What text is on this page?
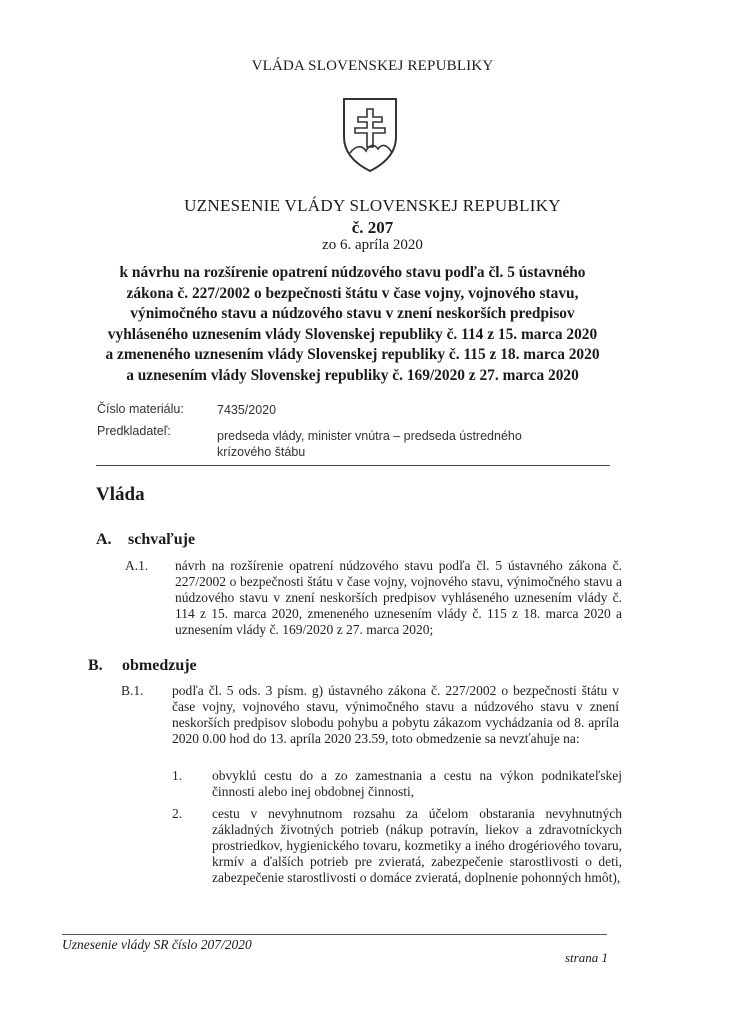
VLÁDA SLOVENSKEJ REPUBLIKY
UZNESENIE VLÁDY SLOVENSKEJ REPUBLIKY
č. 207
zo 6. apríla 2020
k návrhu na rozšírenie opatrení núdzového stavu podľa čl. 5 ústavného
zákona č. 227/2002 o bezpečnosti štátu v čase vojny, vojnového stavu,
výnimočného stavu a núdzového stavu v znení neskorších predpisov
vyhláseného uznesením vlády Slovenskej republiky č. 114 z 15. marca 2020
a zmeneného uznesením vlády Slovenskej republiky č. 115 z 18. marca 2020
a uznesením vlády Slovenskej republiky č. 169/2020 z 27. marca 2020
Číslo materiálu:	7435/2020
Predkladateľ:	predseda vlády, minister vnútra – predseda ústredného krízového štábu
Vláda
A. schvaľuje
A.1. návrh na rozšírenie opatrení núdzového stavu podľa čl. 5 ústavného zákona č. 227/2002 o bezpečnosti štátu v čase vojny, vojnového stavu, výnimočného stavu a núdzového stavu v znení neskorších predpisov vyhláseného uznesením vlády č. 114 z 15. marca 2020, zmeneného uznesením vlády č. 115 z 18. marca 2020 a uznesením vlády č. 169/2020 z 27. marca 2020;
B. obmedzuje
B.1. podľa čl. 5 ods. 3 písm. g) ústavného zákona č. 227/2002 o bezpečnosti štátu v čase vojny, vojnového stavu, výnimočného stavu a núdzového stavu v znení neskorších predpisov slobodu pohybu a pobytu zákazom vychádzania od 8. apríla 2020 0.00 hod do 13. apríla 2020 23.59, toto obmedzenie sa nevzťahuje na:
1. obvyklú cestu do a zo zamestnania a cestu na výkon podnikateľskej činnosti alebo inej obdobnej činnosti,
2. cestu v nevyhnutnom rozsahu za účelom obstarania nevyhnutných základných životných potrieb (nákup potravín, liekov a zdravotníckych prostriedkov, hygienického tovaru, kozmetiky a iného drogériového tovaru, krmív a ďalších potrieb pre zvieratá, zabezpečenie starostlivosti o deti, zabezpečenie starostlivosti o domáce zvieratá, doplnenie pohonných hmôt),
Uznesenie vlády SR číslo 207/2020
strana 1
